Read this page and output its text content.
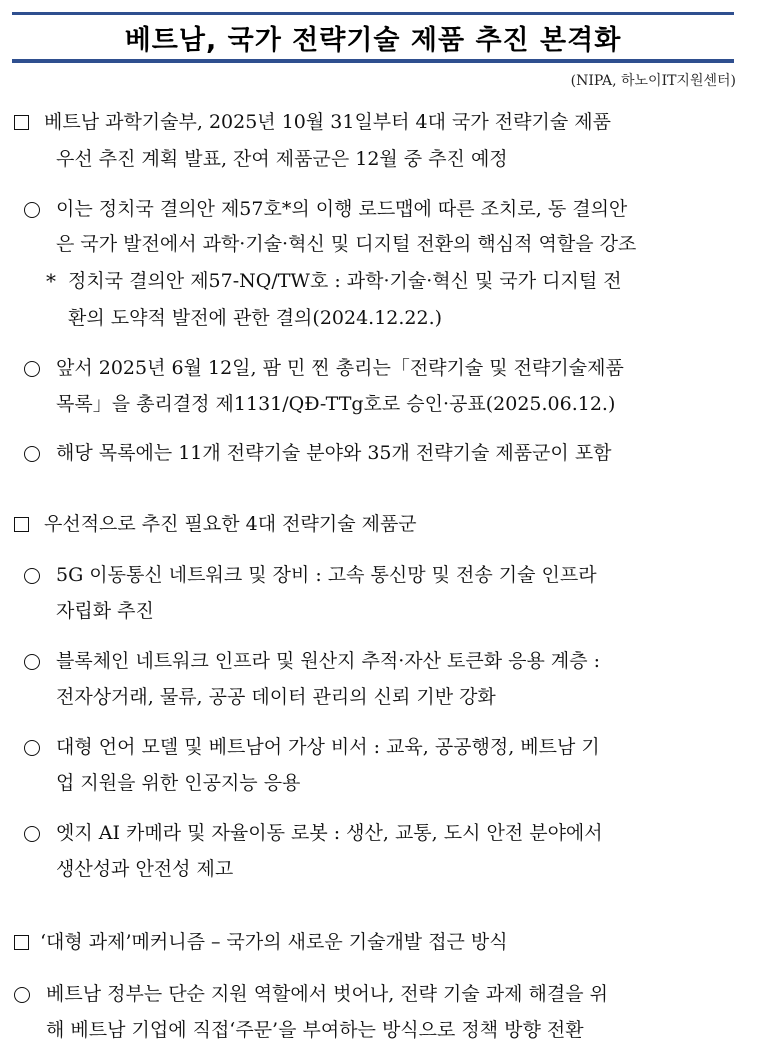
베트남, 국가 전략기술 제품 추진 본격화
(NIPA, 하노이IT지원센터)
베트남 과학기술부, 2025년 10월 31일부터 4대 국가 전략기술 제품
우선 추진 계획 발표, 잔여 제품군은 12월 중 추진 예정
이는 정치국 결의안 제57호*의 이행 로드맵에 따른 조치로, 동 결의안
은 국가 발전에서 과학·기술·혁신 및 디지털 전환의 핵심적 역할을 강조
* 정치국 결의안 제57-NQ/TW호 : 과학·기술·혁신 및 국가 디지털 전
환의 도약적 발전에 관한 결의(2024.12.22.)
앞서 2025년 6월 12일, 팜 민 찐 총리는「전략기술 및 전략기술제품
목록」을 총리결정 제1131/QĐ-TTg호로 승인·공표(2025.06.12.)
해당 목록에는 11개 전략기술 분야와 35개 전략기술 제품군이 포함
우선적으로 추진 필요한 4대 전략기술 제품군
5G 이동통신 네트워크 및 장비 : 고속 통신망 및 전송 기술 인프라
자립화 추진
블록체인 네트워크 인프라 및 원산지 추적·자산 토큰화 응용 계층 :
전자상거래, 물류, 공공 데이터 관리의 신뢰 기반 강화
대형 언어 모델 및 베트남어 가상 비서 : 교육, 공공행정, 베트남 기
업 지원을 위한 인공지능 응용
엣지 AI 카메라 및 자율이동 로봇 : 생산, 교통, 도시 안전 분야에서
생산성과 안전성 제고
‘대형 과제’메커니즘 – 국가의 새로운 기술개발 접근 방식
베트남 정부는 단순 지원 역할에서 벗어나, 전략 기술 과제 해결을 위
해 베트남 기업에 직접‘주문’을 부여하는 방식으로 정책 방향 전환
